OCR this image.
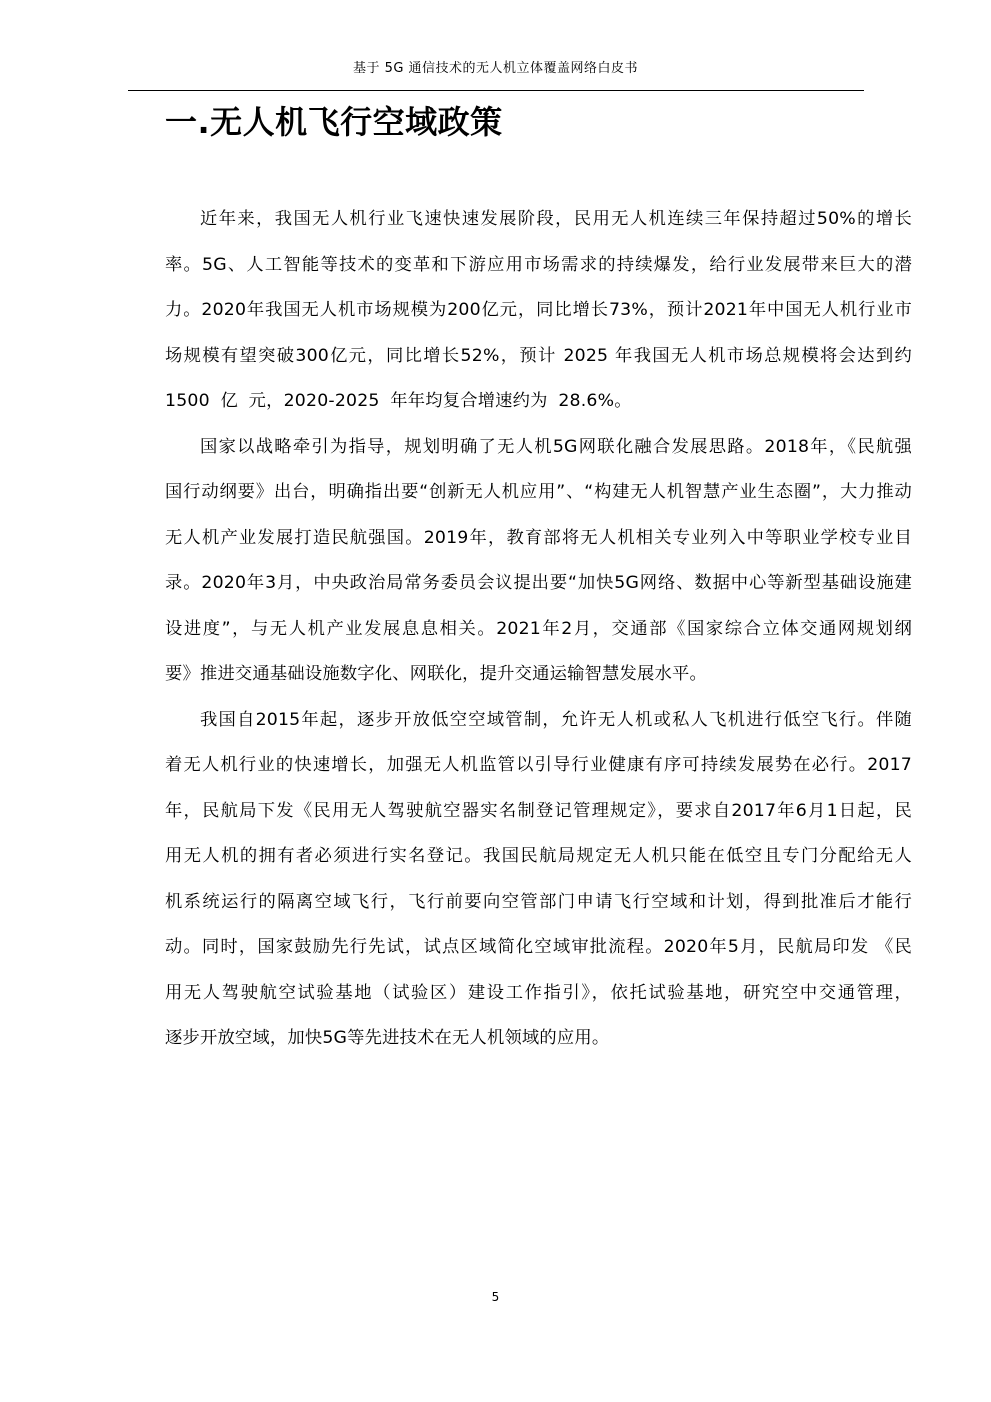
基于 5G 通信技术的无人机立体覆盖网络白皮书
一.无人机飞行空域政策

近年来，我国无人机行业飞速快速发展阶段，民用无人机连续三年保持超过50%的增长
率。5G、人工智能等技术的变革和下游应用市场需求的持续爆发，给行业发展带来巨大的潜
力。2020年我国无人机市场规模为200亿元，同比增长73%，预计2021年中国无人机行业市
场规模有望突破300亿元，同比增长52%，预计 2025 年我国无人机市场总规模将会达到约
1500 亿 元，2020-2025 年年均复合增速约为 28.6%。

国家以战略牵引为指导，规划明确了无人机5G网联化融合发展思路。2018年，《民航强
国行动纲要》出台，明确指出要“创新无人机应用”、“构建无人机智慧产业生态圈”，大力推动
无人机产业发展打造民航强国。2019年，教育部将无人机相关专业列入中等职业学校专业目
录。2020年3月，中央政治局常务委员会议提出要“加快5G网络、数据中心等新型基础设施建
设进度”，与无人机产业发展息息相关。2021年2月，交通部《国家综合立体交通网规划纲
要》推进交通基础设施数字化、网联化，提升交通运输智慧发展水平。

我国自2015年起，逐步开放低空空域管制，允许无人机或私人飞机进行低空飞行。伴随
着无人机行业的快速增长，加强无人机监管以引导行业健康有序可持续发展势在必行。2017
年，民航局下发《民用无人驾驶航空器实名制登记管理规定》，要求自2017年6月1日起，民
用无人机的拥有者必须进行实名登记。我国民航局规定无人机只能在低空且专门分配给无人
机系统运行的隔离空域飞行，飞行前要向空管部门申请飞行空域和计划，得到批准后才能行
动。同时，国家鼓励先行先试，试点区域简化空域审批流程。2020年5月，民航局印发 《民
用无人驾驶航空试验基地（试验区）建设工作指引》，依托试验基地，研究空中交通管理，
逐步开放空域，加快5G等先进技术在无人机领域的应用。

5
